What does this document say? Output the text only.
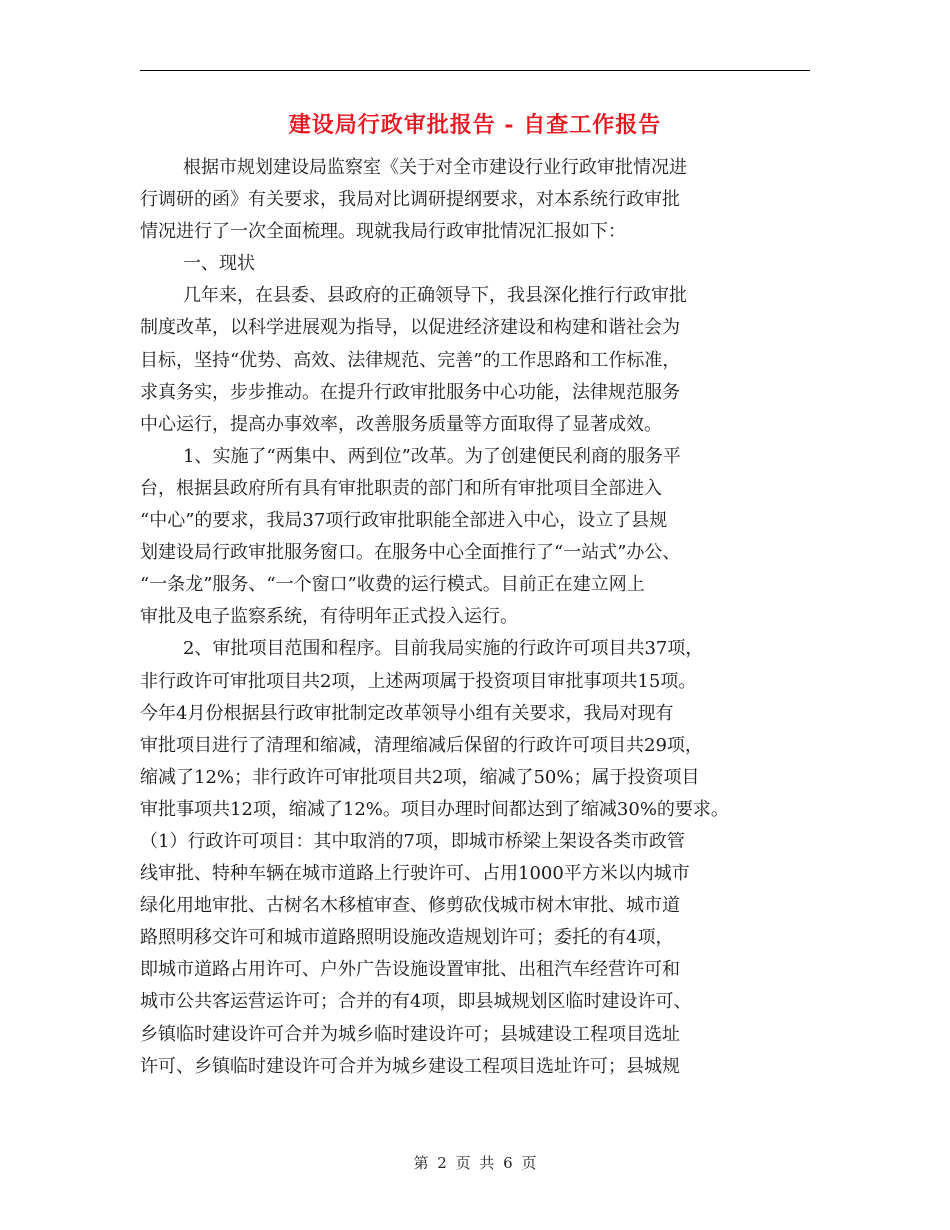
建设局行政审批报告 - 自查工作报告
根据市规划建设局监察室《关于对全市建设行业行政审批情况进
行调研的函》有关要求，我局对比调研提纲要求，对本系统行政审批
情况进行了一次全面梳理。现就我局行政审批情况汇报如下：
一、现状
几年来，在县委、县政府的正确领导下，我县深化推行行政审批
制度改革，以科学进展观为指导，以促进经济建设和构建和谐社会为
目标，坚持“优势、高效、法律规范、完善”的工作思路和工作标准，
求真务实，步步推动。在提升行政审批服务中心功能，法律规范服务
中心运行，提高办事效率，改善服务质量等方面取得了显著成效。
1、实施了“两集中、两到位”改革。为了创建便民利商的服务平
台，根据县政府所有具有审批职责的部门和所有审批项目全部进入
“中心”的要求，我局37项行政审批职能全部进入中心，设立了县规
划建设局行政审批服务窗口。在服务中心全面推行了“一站式”办公、
“一条龙”服务、“一个窗口”收费的运行模式。目前正在建立网上
审批及电子监察系统，有待明年正式投入运行。
2、审批项目范围和程序。目前我局实施的行政许可项目共37项，
非行政许可审批项目共2项，上述两项属于投资项目审批事项共15项。
今年4月份根据县行政审批制定改革领导小组有关要求，我局对现有
审批项目进行了清理和缩减，清理缩减后保留的行政许可项目共29项，
缩减了12%；非行政许可审批项目共2项，缩减了50%；属于投资项目
审批事项共12项，缩减了12%。项目办理时间都达到了缩减30%的要求。
（1）行政许可项目：其中取消的7项，即城市桥梁上架设各类市政管
线审批、特种车辆在城市道路上行驶许可、占用1000平方米以内城市
绿化用地审批、古树名木移植审查、修剪砍伐城市树木审批、城市道
路照明移交许可和城市道路照明设施改造规划许可；委托的有4项，
即城市道路占用许可、户外广告设施设置审批、出租汽车经营许可和
城市公共客运营运许可；合并的有4项，即县城规划区临时建设许可、
乡镇临时建设许可合并为城乡临时建设许可；县城建设工程项目选址
许可、乡镇临时建设许可合并为城乡建设工程项目选址许可；县城规
第 2 页 共 6 页
